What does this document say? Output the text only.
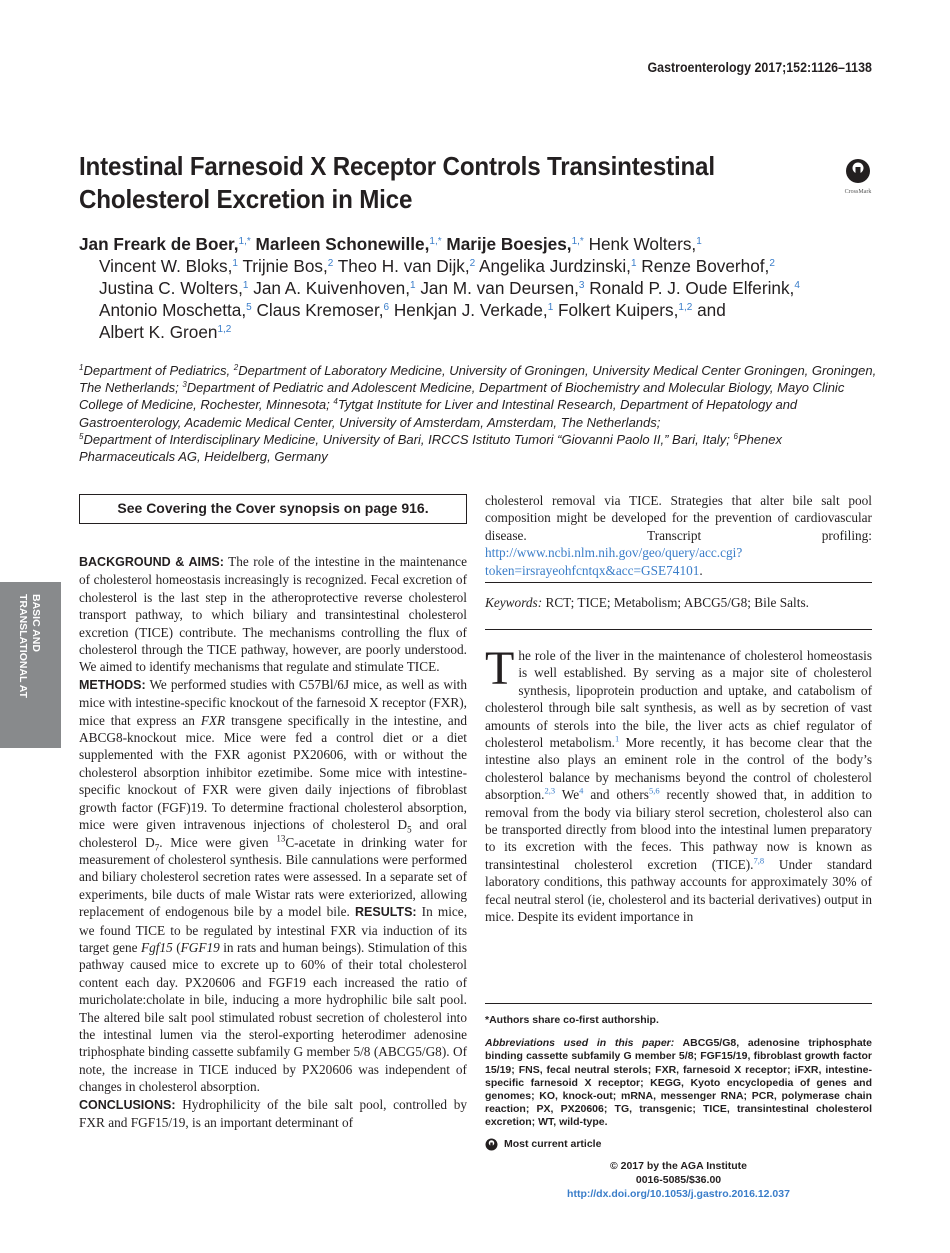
Gastroenterology 2017;152:1126–1138
Intestinal Farnesoid X Receptor Controls Transintestinal
Cholesterol Excretion in Mice	CrossMark
Jan Freark de Boer,$^{1,*}$ Marleen Schonewille,$^{1,*}$ Marije Boesjes,$^{1,*}$ Henk Wolters,$^1$
Vincent W. Bloks,$^1$ Trijnie Bos,$^2$ Theo H. van Dijk,$^2$ Angelika Jurdzinski,$^1$ Renze Boverhof,$^2$
Justina C. Wolters,$^1$ Jan A. Kuivenhoven,$^1$ Jan M. van Deursen,$^3$ Ronald P. J. Oude Elferink,$^4$
Antonio Moschetta,$^5$ Claus Kremoser,$^6$ Henkjan J. Verkade,$^1$ Folkert Kuipers,$^{1,2}$ and
Albert K. Groen$^{1,2}$
$^1$Department of Pediatrics, $^2$Department of Laboratory Medicine, University of Groningen, University Medical Center Groningen, Groningen, The Netherlands; $^3$Department of Pediatric and Adolescent Medicine, Department of Biochemistry and Molecular Biology, Mayo Clinic College of Medicine, Rochester, Minnesota; $^4$Tytgat Institute for Liver and Intestinal Research, Department of Hepatology and Gastroenterology, Academic Medical Center, University of Amsterdam, Amsterdam, The Netherlands;
$^5$Department of Interdisciplinary Medicine, University of Bari, IRCCS Istituto Tumori “Giovanni Paolo II,” Bari, Italy; $^6$Phenex Pharmaceuticals AG, Heidelberg, Germany
BASIC AND
TRANSLATIONAL AT
See Covering the Cover synopsis on page 916.
BACKGROUND & AIMS: The role of the intestine in the maintenance of cholesterol homeostasis increasingly is recognized. Fecal excretion of cholesterol is the last step in the atheroprotective reverse cholesterol transport pathway, to which biliary and transintestinal cholesterol excretion (TICE) contribute. The mechanisms controlling the flux of cholesterol through the TICE pathway, however, are poorly understood. We aimed to identify mechanisms that regulate and stimulate TICE.
METHODS: We performed studies with C57Bl/6J mice, as well as with mice with intestine-specific knockout of the farnesoid X receptor (FXR), mice that express an FXR transgene specifically in the intestine, and ABCG8-knockout mice. Mice were fed a control diet or a diet supplemented with the FXR agonist PX20606, with or without the cholesterol absorption inhibitor ezetimibe. Some mice with intestine-specific knockout of FXR were given daily injections of fibroblast growth factor (FGF)19. To determine fractional cholesterol absorption, mice were given intravenous injections of cholesterol $D_5$ and oral cholesterol $D_7$. Mice were given $^{13}$C-acetate in drinking water for measurement of cholesterol synthesis. Bile cannulations were performed and biliary cholesterol secretion rates were assessed. In a separate set of experiments, bile ducts of male Wistar rats were exteriorized, allowing replacement of endogenous bile by a model bile. RESULTS: In mice, we found TICE to be regulated by intestinal FXR via induction of its target gene Fgf15 (FGF19 in rats and human beings). Stimulation of this pathway caused mice to excrete up to 60% of their total cholesterol content each day. PX20606 and FGF19 each increased the ratio of muricholate:cholate in bile, inducing a more hydrophilic bile salt pool. The altered bile salt pool stimulated robust secretion of cholesterol into the intestinal lumen via the sterol-exporting heterodimer adenosine triphosphate binding cassette subfamily G member 5/8 (ABCG5/G8). Of note, the increase in TICE induced by PX20606 was independent of changes in cholesterol absorption.
CONCLUSIONS: Hydrophilicity of the bile salt pool, controlled by FXR and FGF15/19, is an important determinant of
cholesterol removal via TICE. Strategies that alter bile salt pool composition might be developed for the prevention of cardiovascular disease. Transcript profiling: http://www.ncbi.nlm.nih.gov/geo/query/acc.cgi?token=irsrayeohfcntqx&acc=GSE74101.
Keywords: RCT; TICE; Metabolism; ABCG5/G8; Bile Salts.
The role of the liver in the maintenance of cholesterol homeostasis is well established. By serving as a major site of cholesterol synthesis, lipoprotein production and uptake, and catabolism of cholesterol through bile salt synthesis, as well as by secretion of vast amounts of sterols into the bile, the liver acts as chief regulator of cholesterol metabolism.$^1$ More recently, it has become clear that the intestine also plays an eminent role in the control of the body’s cholesterol balance by mechanisms beyond the control of cholesterol absorption.$^{2,3}$ We$^4$ and others$^{5,6}$ recently showed that, in addition to removal from the body via biliary sterol secretion, cholesterol also can be transported directly from blood into the intestinal lumen preparatory to its excretion with the feces. This pathway now is known as transintestinal cholesterol excretion (TICE).$^{7,8}$ Under standard laboratory conditions, this pathway accounts for approximately 30% of fecal neutral sterol (ie, cholesterol and its bacterial derivatives) output in mice. Despite its evident importance in
*Authors share co-first authorship.
Abbreviations used in this paper: ABCG5/G8, adenosine triphosphate binding cassette subfamily G member 5/8; FGF15/19, fibroblast growth factor 15/19; FNS, fecal neutral sterols; FXR, farnesoid X receptor; iFXR, intestine-specific farnesoid X receptor; KEGG, Kyoto encyclopedia of genes and genomes; KO, knock-out; mRNA, messenger RNA; PCR, polymerase chain reaction; PX, PX20606; TG, transgenic; TICE, transintestinal cholesterol excretion; WT, wild-type.
Most current article
© 2017 by the AGA Institute
0016-5085/$36.00
http://dx.doi.org/10.1053/j.gastro.2016.12.037
